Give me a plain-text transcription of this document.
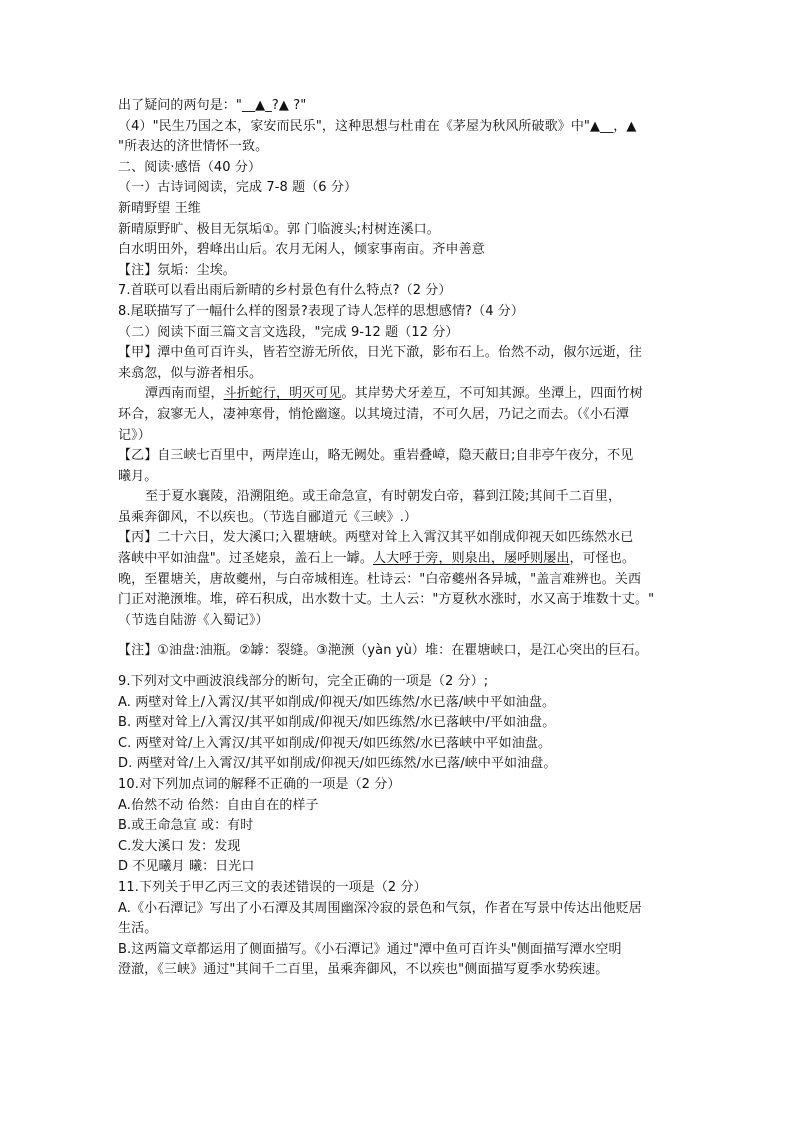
出了疑问的两句是："__▲_?▲ ?"
（4）"民生乃国之本，家安而民乐"，这种思想与杜甫在《茅屋为秋风所破歌》中"▲__，▲
"所表达的济世情怀一致。
二、阅读·感悟（40 分）
（一）古诗词阅读，完成 7-8 题（6 分）
新晴野望 王维
新晴原野旷、极目无氛垢①。郭 门临渡头;村树连溪口。
白水明田外，碧峰出山后。农月无闲人，倾家事南亩。齐申善意
【注】氛垢：尘埃。
7.首联可以看出雨后新晴的乡村景色有什么特点?（2 分）
8.尾联描写了一幅什么样的图景?表现了诗人怎样的思想感情?（4 分）
（二）阅读下面三篇文言文选段，"完成 9-12 题（12 分）
【甲】潭中鱼可百许头，皆若空游无所依，日光下澈，影布石上。佁然不动，俶尔远逝，往
来翕忽，似与游者相乐。
潭西南而望，斗折蛇行，明灭可见。其岸势犬牙差互，不可知其源。坐潭上，四面竹树
环合，寂寥无人，凄神寒骨，悄怆幽邃。以其境过清，不可久居，乃记之而去。（《小石潭
记》）
【乙】自三峡七百里中，两岸连山，略无阙处。重岩叠嶂，隐天蔽日;自非亭午夜分，不见
曦月。
至于夏水襄陵，沿溯阻绝。或王命急宣，有时朝发白帝，暮到江陵;其间千二百里，
虽乘奔御风，不以疾也。（节选自郦道元《三峡》.）
【丙】二十六日，发大溪口;入瞿塘峡。两壁对耸上入霄汉其平如削成仰视天如匹练然水已
落峡中平如油盘"。过圣姥泉，盖石上一罅。人大呼于旁，则泉出，屡呼则屡出，可怪也。
晚，至瞿塘关，唐故夔州，与白帝城相连。杜诗云："白帝夔州各异城，"盖言难辨也。关西
门正对滟滪堆。堆，碎石积成，出水数十丈。土人云："方夏秋水涨时，水又高于堆数十丈。"
（节选自陆游《入蜀记》）
【注】①油盘:油瓶。②罅：裂缝。③滟滪（yàn yù）堆：在瞿塘峡口，是江心突出的巨石。
9.下列对文中画波浪线部分的断句，完全正确的一项是（2 分）;
A. 两壁对耸上/入霄汉/其平如削成/仰视天/如匹练然/水已落/峡中平如油盘。
B. 两壁对耸上/入霄汉/其平如削成/仰视天/如匹练然/水已落峡中/平如油盘。
C. 两壁对耸/上入霄汉/其平如削成/仰视天/如匹练然/水已落峡中平如油盘。
D. 两壁对耸/上入霄汉/其平如削成/仰视天/如匹练然/水已落/峡中平如油盘。
10.对下列加点词的解释不正确的一项是（2 分）
A.佁然不动 佁然：自由自在的样子
B.或王命急宣 或：有时
C.发大溪口 发：发现
D 不见曦月 曦：日光口
11.下列关于甲乙丙三文的表述错误的一项是（2 分）
A.《小石潭记》写出了小石潭及其周围幽深冷寂的景色和气氛，作者在写景中传达出他贬居
生活。
B.这两篇文章都运用了侧面描写。《小石潭记》通过"潭中鱼可百许头"侧面描写潭水空明
澄澈，《三峡》通过"其间千二百里，虽乘奔御风，不以疾也"侧面描写夏季水势疾速。
